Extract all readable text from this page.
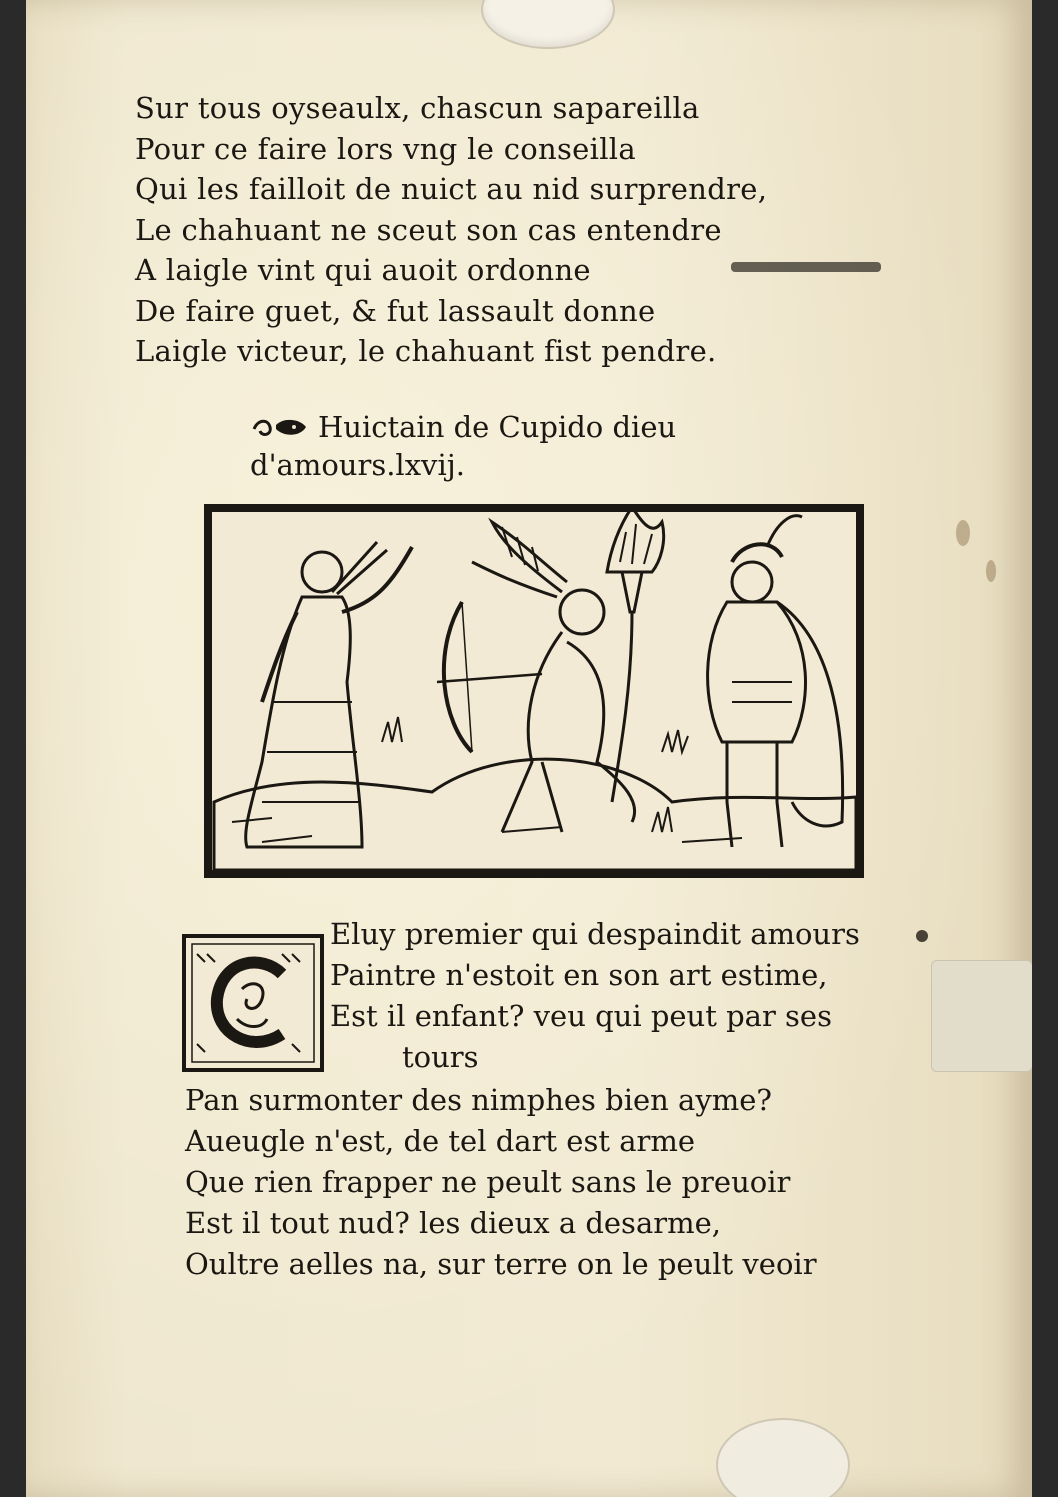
Sur tous oyseaulx, chascun sapareilla
Pour ce faire lors vng le conseilla
Qui les failloit de nuict au nid surprendre,
Le chahuant ne sceut son cas entendre
A laigle vint qui auoit ordonne
De faire guet, & fut lassault donne
Laigle victeur, le chahuant fist pendre.
Huictain de Cupido dieu
d'amours.lxvij.
Eluy premier qui despaindit amours
Paintre n'estoit en son art estime,
Est il enfant? veu qui peut par ses
tours
Pan surmonter des nimphes bien ayme?
Aueugle n'est, de tel dart est arme
Que rien frapper ne peult sans le preuoir
Est il tout nud? les dieux a desarme,
Oultre aelles na, sur terre on le peult veoir
